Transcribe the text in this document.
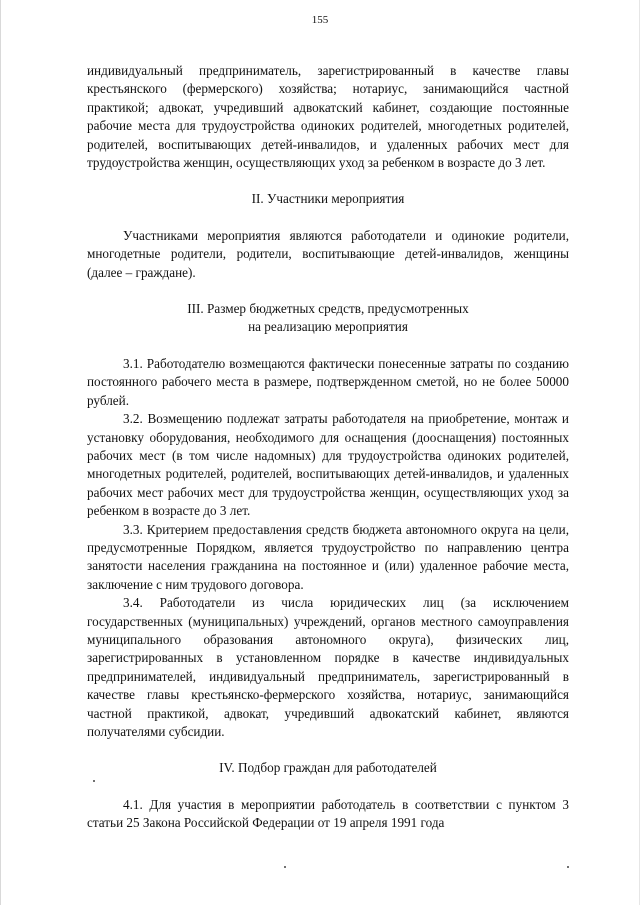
155

индивидуальный предприниматель, зарегистрированный в качестве главы крестьянского (фермерского) хозяйства; нотариус, занимающийся частной практикой; адвокат, учредивший адвокатский кабинет, создающие постоянные рабочие места для трудоустройства одиноких родителей, многодетных родителей, родителей, воспитывающих детей-инвалидов, и удаленных рабочих мест для трудоустройства женщин, осуществляющих уход за ребенком в возрасте до 3 лет.

II. Участники мероприятия

Участниками мероприятия являются работодатели и одинокие родители, многодетные родители, родители, воспитывающие детей-инвалидов, женщины (далее – граждане).

III. Размер бюджетных средств, предусмотренных

на реализацию мероприятия

3.1. Работодателю возмещаются фактически понесенные затраты по созданию постоянного рабочего места в размере, подтвержденном сметой, но не более 50000 рублей.

3.2. Возмещению подлежат затраты работодателя на приобретение, монтаж и установку оборудования, необходимого для оснащения (дооснащения) постоянных рабочих мест (в том числе надомных) для трудоустройства одиноких родителей, многодетных родителей, родителей, воспитывающих детей-инвалидов, и удаленных рабочих мест рабочих мест для трудоустройства женщин, осуществляющих уход за ребенком в возрасте до 3 лет.

3.3. Критерием предоставления средств бюджета автономного округа на цели, предусмотренные Порядком, является трудоустройство по направлению центра занятости населения гражданина на постоянное и (или) удаленное рабочие места, заключение с ним трудового договора.

3.4. Работодатели из числа юридических лиц (за исключением государственных (муниципальных) учреждений, органов местного самоуправления муниципального образования автономного округа), физических лиц, зарегистрированных в установленном порядке в качестве индивидуальных предпринимателей, индивидуальный предприниматель, зарегистрированный в качестве главы крестьянско-фермерского хозяйства, нотариус, занимающийся частной практикой, адвокат, учредивший адвокатский кабинет, являются получателями субсидии.

IV. Подбор граждан для работодателей

4.1. Для участия в мероприятии работодатель в соответствии с пунктом 3 статьи 25 Закона Российской Федерации от 19 апреля 1991 года
